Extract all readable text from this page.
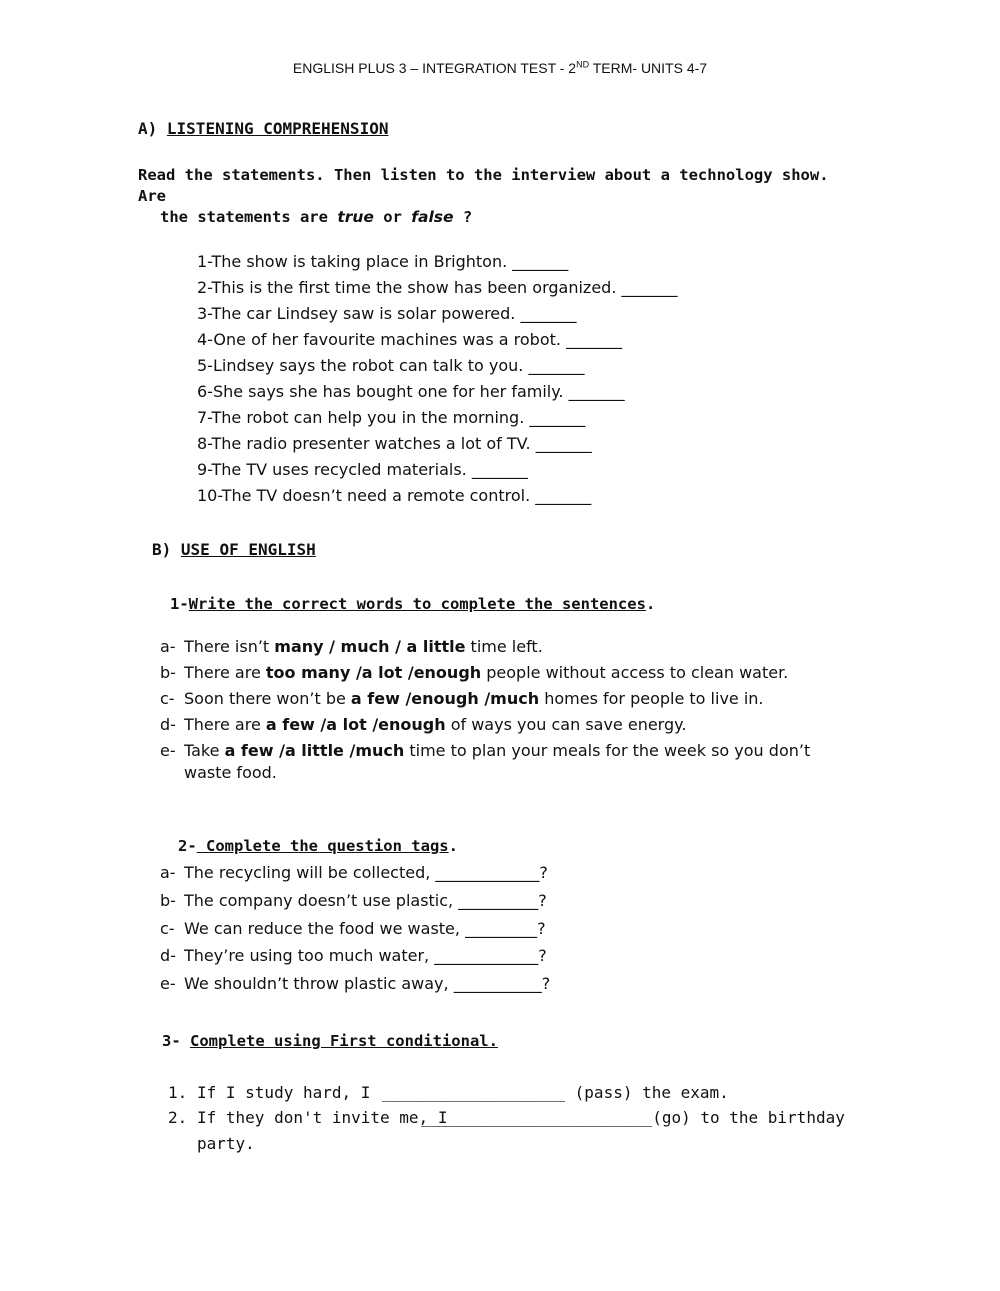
ENGLISH PLUS 3 – INTEGRATION TEST - 2ND TERM- UNITS 4-7
A) LISTENING COMPREHENSION
Read the statements. Then listen to the interview about a technology show. Are
the statements are true or false ?
1-The show is taking place in Brighton. _______
2-This is the first time the show has been organized. _______
3-The car Lindsey saw is solar powered. _______
4-One of her favourite machines was a robot. _______
5-Lindsey says the robot can talk to you. _______
6-She says she has bought one for her family. _______
7-The robot can help you in the morning. _______
8-The radio presenter watches a lot of TV. _______
9-The TV uses recycled materials. _______
10-The TV doesn’t need a remote control. _______
B) USE OF ENGLISH
1-Write the correct words to complete the sentences.
a- There isn’t many / much / a little time left.
b- There are too many /a lot /enough people without access to clean water.
c- Soon there won’t be a few /enough /much homes for people to live in.
d- There are a few /a lot /enough of ways you can save energy.
e- Take a few /a little /much time to plan your meals for the week so you don’t
waste food.
2- Complete the question tags.
a- The recycling will be collected, _____________?
b- The company doesn’t use plastic, __________?
c- We can reduce the food we waste, _________?
d- They’re using too much water, _____________?
e- We shouldn’t throw plastic away, ___________?
3- Complete using First conditional.
1. If I study hard, I ___________________ (pass) the exam.
2. If they don't invite me, I
________________________(go) to the birthday
party.
